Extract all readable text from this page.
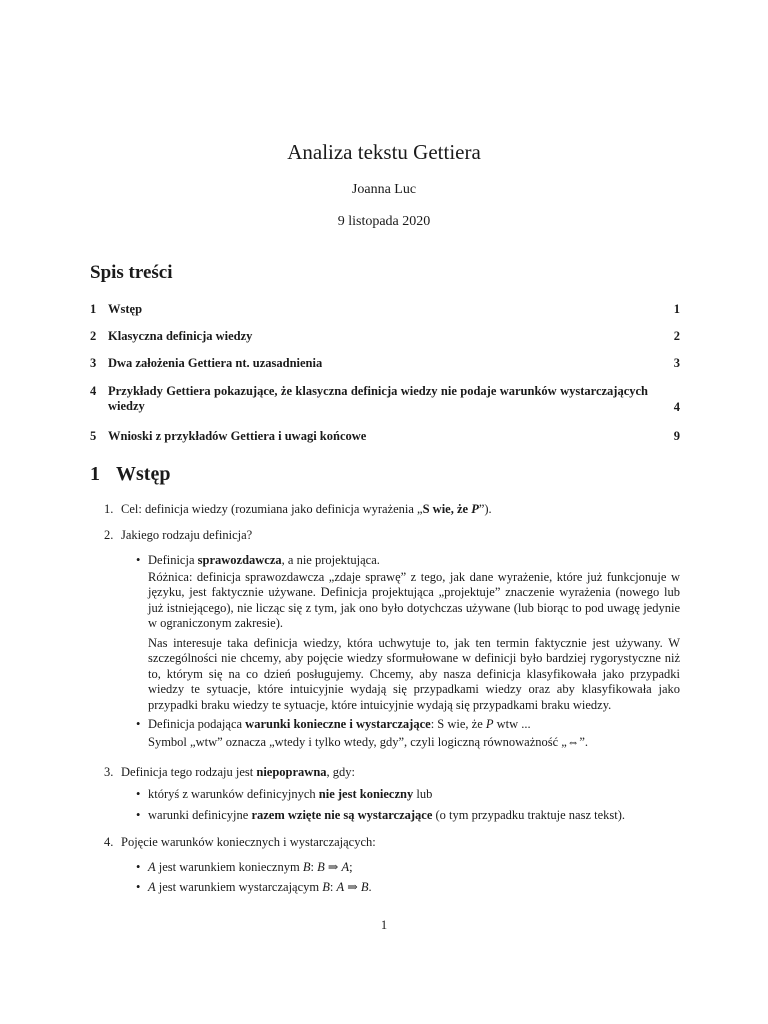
Analiza tekstu Gettiera
Joanna Luc
9 listopada 2020
Spis treści
1 Wstęp	1
2 Klasyczna definicja wiedzy	2
3 Dwa założenia Gettiera nt. uzasadnienia	3
4 Przykłady Gettiera pokazujące, że klasyczna definicja wiedzy nie podaje warunków wystarczających wiedzy	4
5 Wnioski z przykładów Gettiera i uwagi końcowe	9
1 Wstęp
1. Cel: definicja wiedzy (rozumiana jako definicja wyrażenia „S wie, że P”).
2. Jakiego rodzaju definicja?
• Definicja sprawozdawcza, a nie projektująca.
Różnica: definicja sprawozdawcza „zdaje sprawę” z tego, jak dane wyrażenie, które już funkcjonuje w języku, jest faktycznie używane. Definicja projektująca „projektuje” znaczenie wyrażenia (nowego lub już istniejącego), nie licząc się z tym, jak ono było dotychczas używane (lub biorąc to pod uwagę jedynie w ograniczonym zakresie).
Nas interesuje taka definicja wiedzy, która uchwytuje to, jak ten termin faktycznie jest używany. W szczególności nie chcemy, aby pojęcie wiedzy sformułowane w definicji było bardziej rygorystyczne niż to, którym się na co dzień posługujemy. Chcemy, aby nasza definicja klasyfikowała jako przypadki wiedzy te sytuacje, które intuicyjnie wydają się przypadkami wiedzy oraz aby klasyfikowała jako przypadki braku wiedzy te sytuacje, które intuicyjnie wydają się przypadkami braku wiedzy.
• Definicja podająca warunki konieczne i wystarczające: S wie, że P wtw ...
Symbol „wtw” oznacza „wtedy i tylko wtedy, gdy”, czyli logiczną równoważność „⇔”.
3. Definicja tego rodzaju jest niepoprawna, gdy:
• któryś z warunków definicyjnych nie jest konieczny lub
• warunki definicyjne razem wzięte nie są wystarczające (o tym przypadku traktuje nasz tekst).
4. Pojęcie warunków koniecznych i wystarczających:
• A jest warunkiem koniecznym B: B ⇒ A;
• A jest warunkiem wystarczającym B: A ⇒ B.
1
